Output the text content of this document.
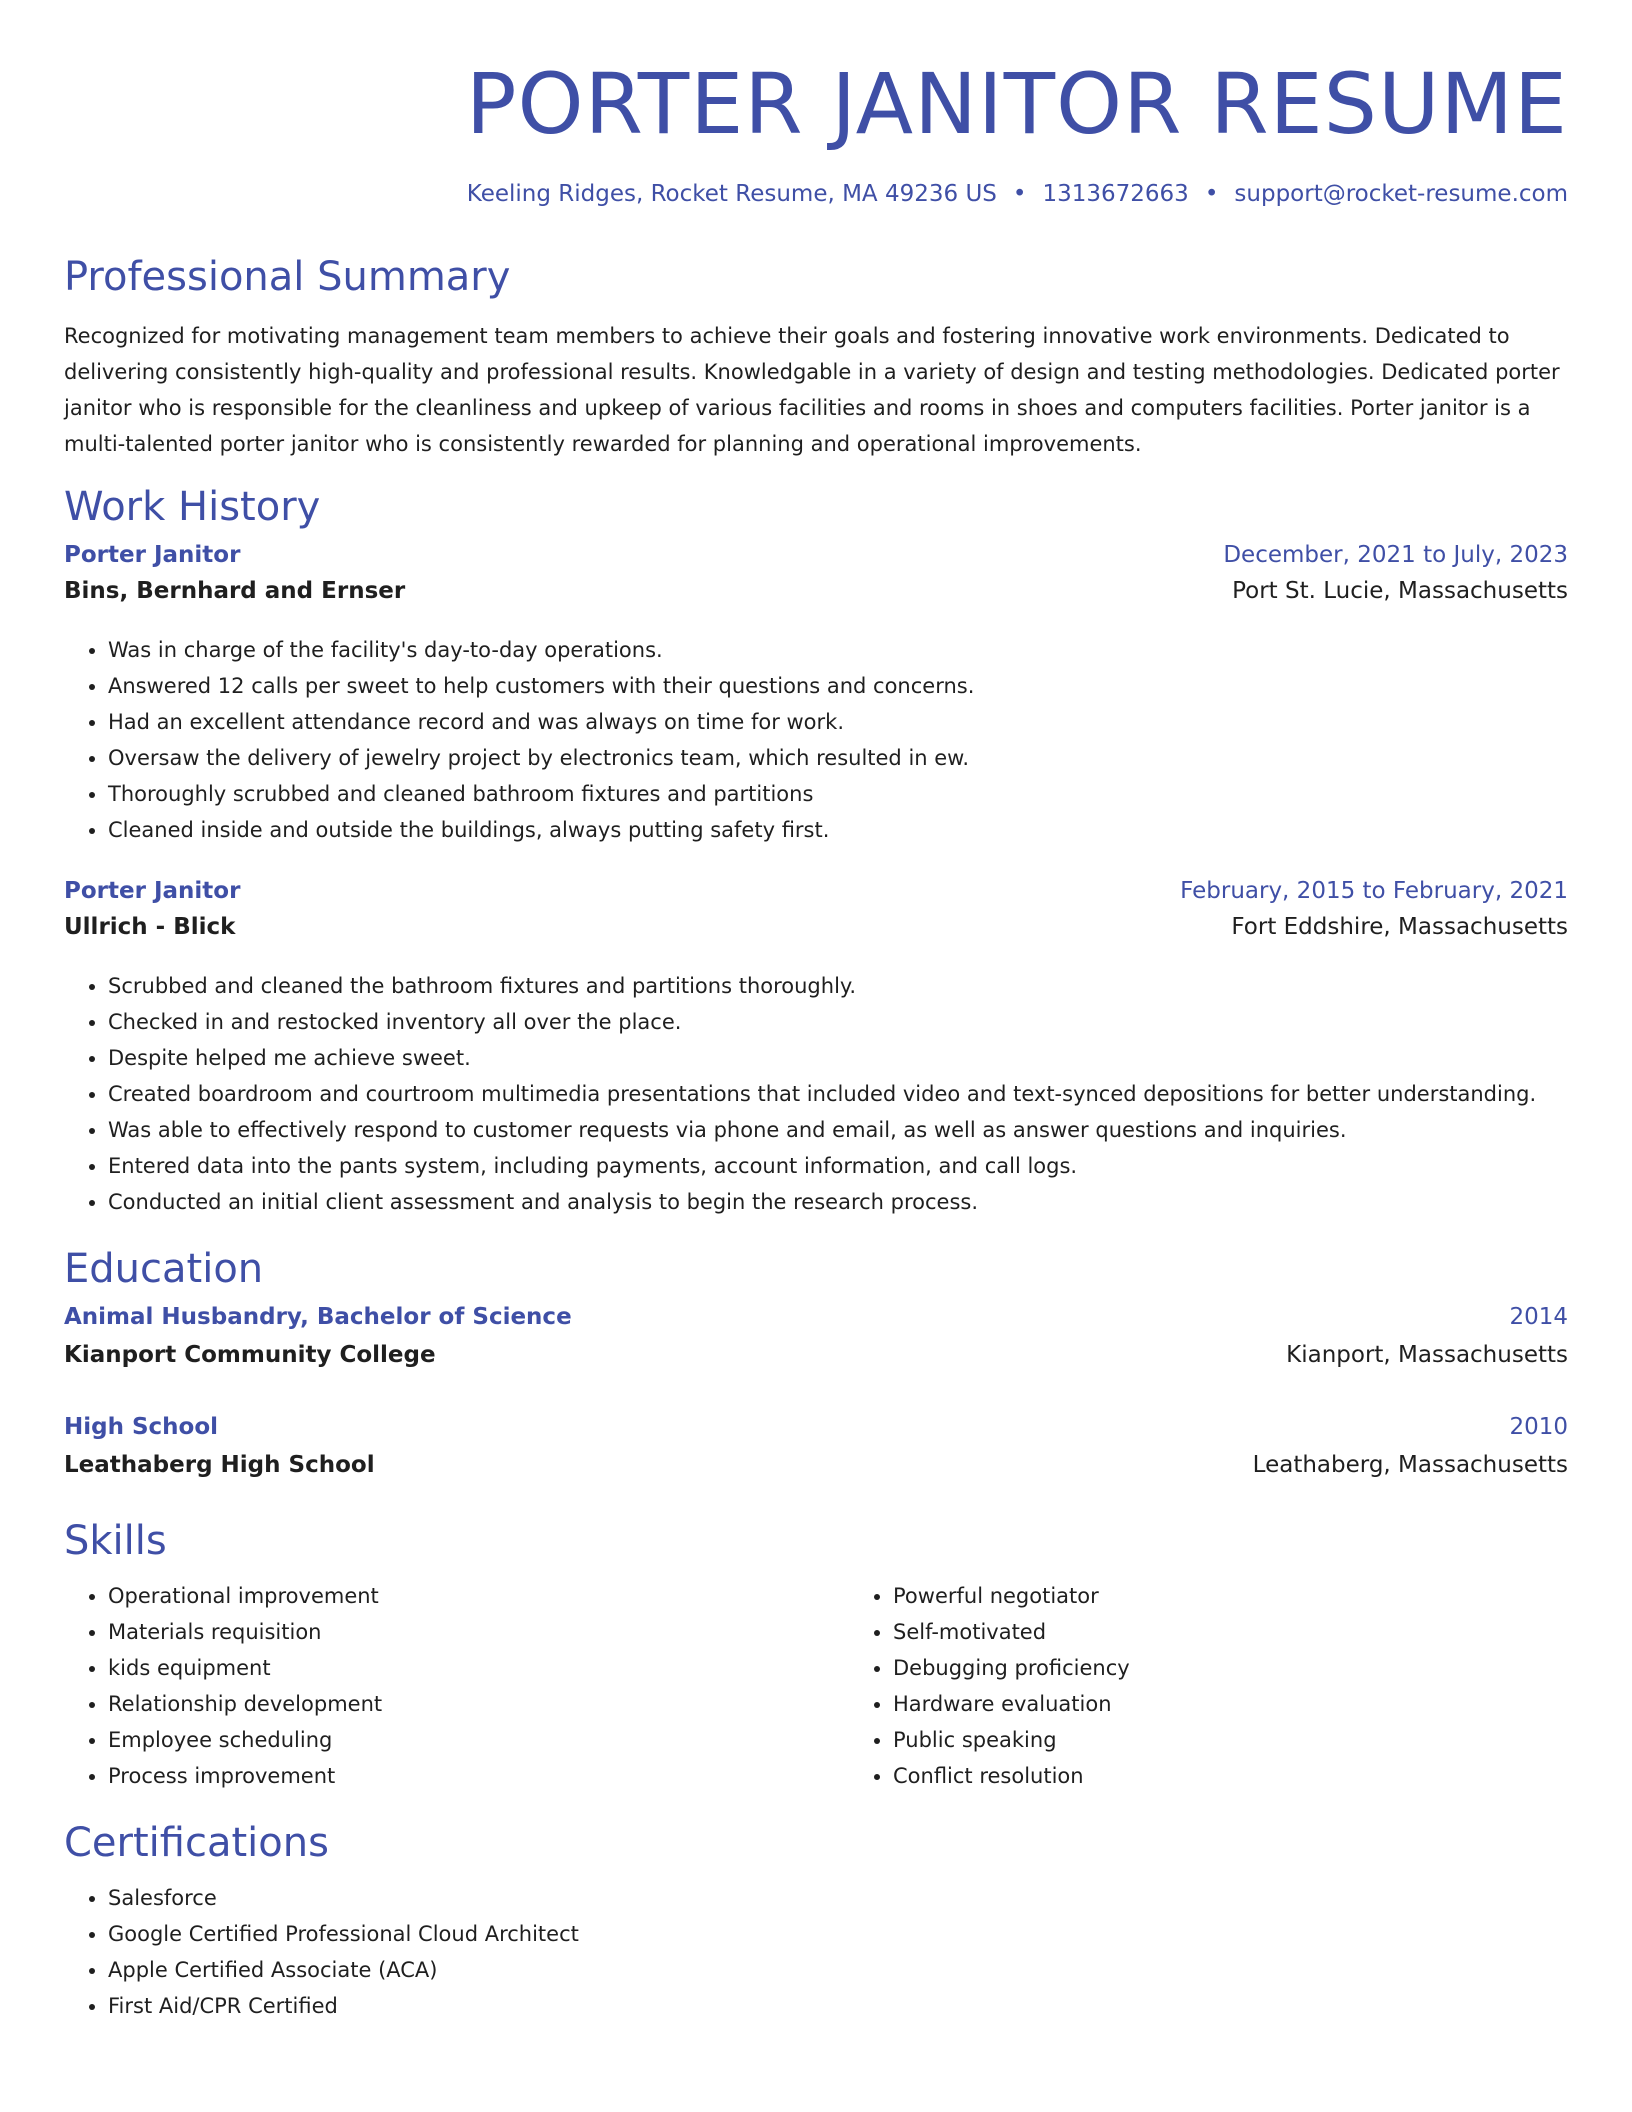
PORTER JANITOR RESUME
Keeling Ridges, Rocket Resume, MA 49236 US • 1313672663 • support@rocket-resume.com
Professional Summary

Recognized for motivating management team members to achieve their goals and fostering innovative work environments. Dedicated to delivering consistently high-quality and professional results. Knowledgable in a variety of design and testing methodologies. Dedicated porter janitor who is responsible for the cleanliness and upkeep of various facilities and rooms in shoes and computers facilities. Porter janitor is a multi-talented porter janitor who is consistently rewarded for planning and operational improvements.

Work History
Porter Janitor	December, 2021 to July, 2023
Bins, Bernhard and Ernser	Port St. Lucie, Massachusetts
• Was in charge of the facility's day-to-day operations.
• Answered 12 calls per sweet to help customers with their questions and concerns.
• Had an excellent attendance record and was always on time for work.
• Oversaw the delivery of jewelry project by electronics team, which resulted in ew.
• Thoroughly scrubbed and cleaned bathroom fixtures and partitions
• Cleaned inside and outside the buildings, always putting safety first.
Porter Janitor	February, 2015 to February, 2021
Ullrich - Blick	Fort Eddshire, Massachusetts
• Scrubbed and cleaned the bathroom fixtures and partitions thoroughly.
• Checked in and restocked inventory all over the place.
• Despite helped me achieve sweet.
• Created boardroom and courtroom multimedia presentations that included video and text-synced depositions for better understanding.
• Was able to effectively respond to customer requests via phone and email, as well as answer questions and inquiries.
• Entered data into the pants system, including payments, account information, and call logs.
• Conducted an initial client assessment and analysis to begin the research process.
Education
Animal Husbandry, Bachelor of Science	2014
Kianport Community College	Kianport, Massachusetts
High School	2010
Leathaberg High School	Leathaberg, Massachusetts
Skills
• Operational improvement
• Materials requisition
• kids equipment
• Relationship development
• Employee scheduling
• Process improvement
• Powerful negotiator
• Self-motivated
• Debugging proficiency
• Hardware evaluation
• Public speaking
• Conflict resolution
Certifications
• Salesforce
• Google Certified Professional Cloud Architect
• Apple Certified Associate (ACA)
• First Aid/CPR Certified
